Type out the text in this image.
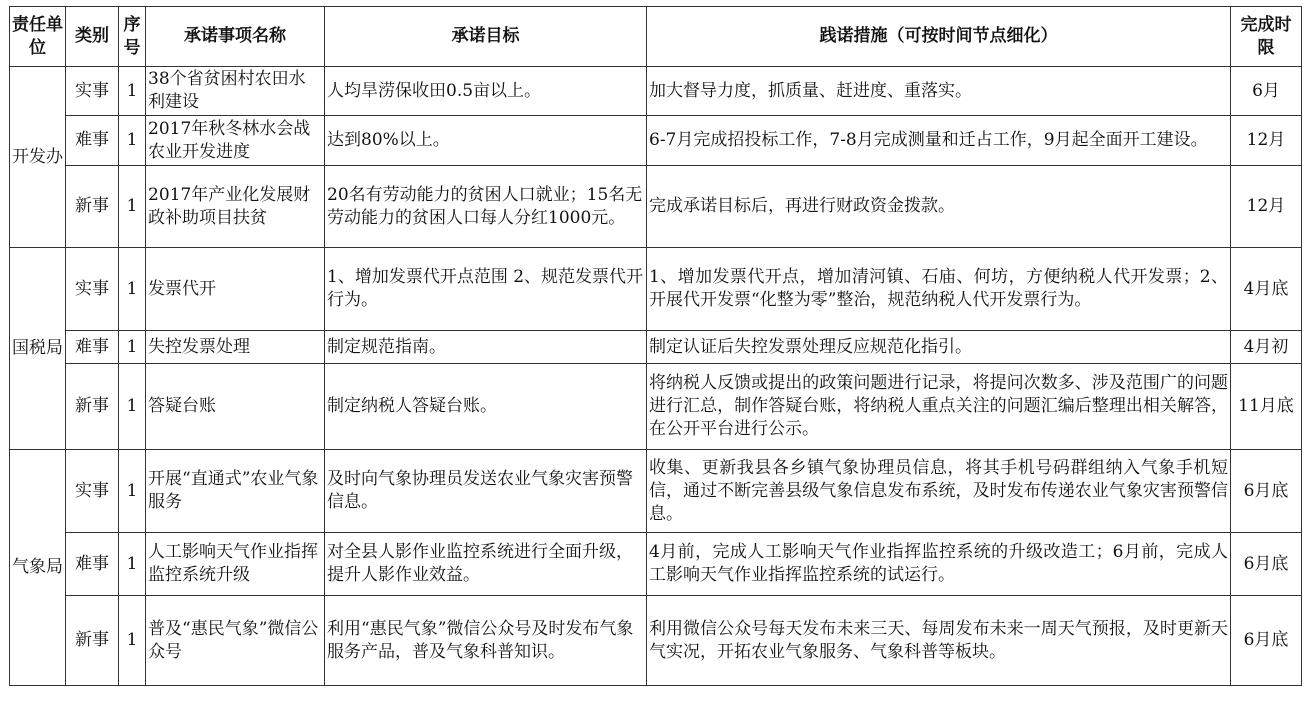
责任单位	类别	序号	承诺事项名称	承诺目标	践诺措施（可按时间节点细化）	完成时限
开发办	实事	1	38个省贫困村农田水利建设	人均旱涝保收田0.5亩以上。	加大督导力度，抓质量、赶进度、重落实。	6月
	难事	1	2017年秋冬林水会战农业开发进度	达到80%以上。	6-7月完成招投标工作，7-8月完成测量和迁占工作，9月起全面开工建设。	12月
	新事	1	2017年产业化发展财政补助项目扶贫	20名有劳动能力的贫困人口就业；15名无劳动能力的贫困人口每人分红1000元。	完成承诺目标后，再进行财政资金拨款。	12月
国税局	实事	1	发票代开	1、增加发票代开点范围 2、规范发票代开行为。	1、增加发票代开点，增加清河镇、石庙、何坊，方便纳税人代开发票；2、开展代开发票“化整为零”整治，规范纳税人代开发票行为。	4月底
	难事	1	失控发票处理	制定规范指南。	制定认证后失控发票处理反应规范化指引。	4月初
	新事	1	答疑台账	制定纳税人答疑台账。	将纳税人反馈或提出的政策问题进行记录，将提问次数多、涉及范围广的问题进行汇总，制作答疑台账，将纳税人重点关注的问题汇编后整理出相关解答，在公开平台进行公示。	11月底
气象局	实事	1	开展“直通式”农业气象服务	及时向气象协理员发送农业气象灾害预警信息。	收集、更新我县各乡镇气象协理员信息，将其手机号码群组纳入气象手机短信，通过不断完善县级气象信息发布系统，及时发布传递农业气象灾害预警信息。	6月底
	难事	1	人工影响天气作业指挥监控系统升级	对全县人影作业监控系统进行全面升级，提升人影作业效益。	4月前，完成人工影响天气作业指挥监控系统的升级改造工；6月前，完成人工影响天气作业指挥监控系统的试运行。	6月底
	新事	1	普及“惠民气象”微信公众号	利用“惠民气象”微信公众号及时发布气象服务产品，普及气象科普知识。	利用微信公众号每天发布未来三天、每周发布未来一周天气预报，及时更新天气实况，开拓农业气象服务、气象科普等板块。	6月底
